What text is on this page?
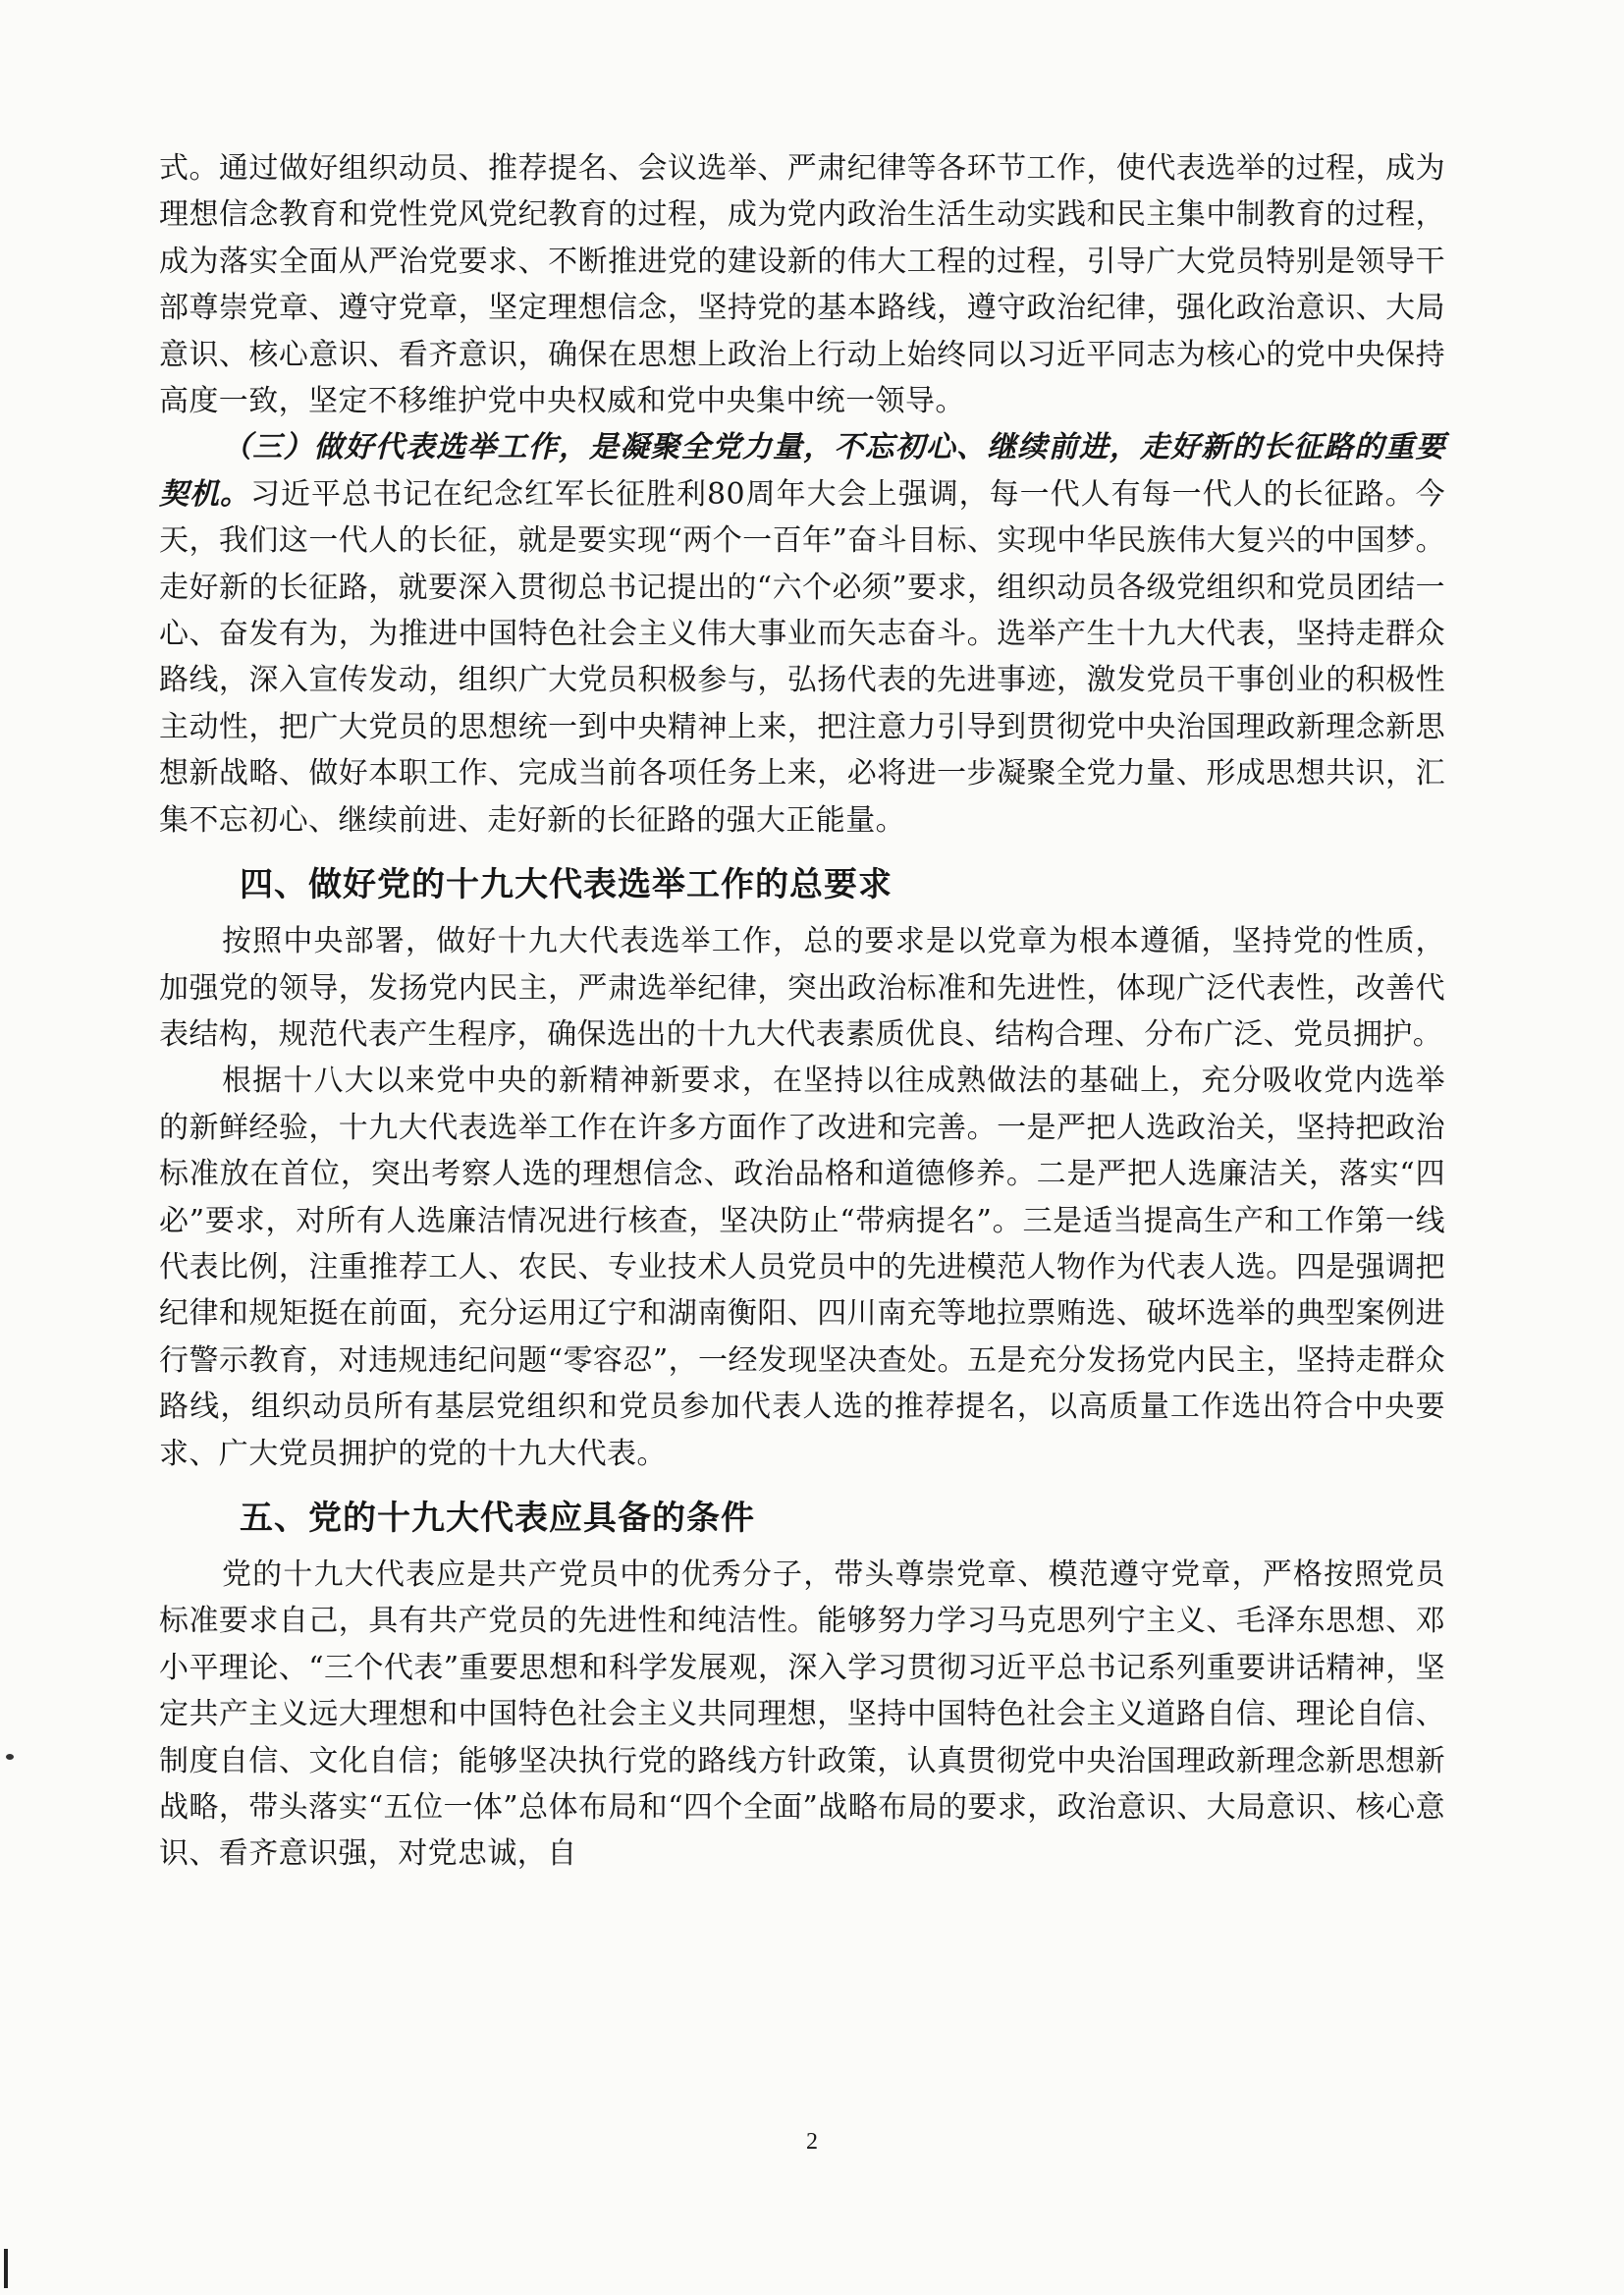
式。通过做好组织动员、推荐提名、会议选举、严肃纪律等各环节工作，使代表选举的过程，成为理想信念教育和党性党风党纪教育的过程，成为党内政治生活生动实践和民主集中制教育的过程，成为落实全面从严治党要求、不断推进党的建设新的伟大工程的过程，引导广大党员特别是领导干部尊崇党章、遵守党章，坚定理想信念，坚持党的基本路线，遵守政治纪律，强化政治意识、大局意识、核心意识、看齐意识，确保在思想上政治上行动上始终同以习近平同志为核心的党中央保持高度一致，坚定不移维护党中央权威和党中央集中统一领导。

（三）做好代表选举工作，是凝聚全党力量，不忘初心、继续前进，走好新的长征路的重要契机。习近平总书记在纪念红军长征胜利80周年大会上强调，每一代人有每一代人的长征路。今天，我们这一代人的长征，就是要实现“两个一百年”奋斗目标、实现中华民族伟大复兴的中国梦。走好新的长征路，就要深入贯彻总书记提出的“六个必须”要求，组织动员各级党组织和党员团结一心、奋发有为，为推进中国特色社会主义伟大事业而矢志奋斗。选举产生十九大代表，坚持走群众路线，深入宣传发动，组织广大党员积极参与，弘扬代表的先进事迹，激发党员干事创业的积极性主动性，把广大党员的思想统一到中央精神上来，把注意力引导到贯彻党中央治国理政新理念新思想新战略、做好本职工作、完成当前各项任务上来，必将进一步凝聚全党力量、形成思想共识，汇集不忘初心、继续前进、走好新的长征路的强大正能量。

四、做好党的十九大代表选举工作的总要求

按照中央部署，做好十九大代表选举工作，总的要求是以党章为根本遵循，坚持党的性质，加强党的领导，发扬党内民主，严肃选举纪律，突出政治标准和先进性，体现广泛代表性，改善代表结构，规范代表产生程序，确保选出的十九大代表素质优良、结构合理、分布广泛、党员拥护。

根据十八大以来党中央的新精神新要求，在坚持以往成熟做法的基础上，充分吸收党内选举的新鲜经验，十九大代表选举工作在许多方面作了改进和完善。一是严把人选政治关，坚持把政治标准放在首位，突出考察人选的理想信念、政治品格和道德修养。二是严把人选廉洁关，落实“四必”要求，对所有人选廉洁情况进行核查，坚决防止“带病提名”。三是适当提高生产和工作第一线代表比例，注重推荐工人、农民、专业技术人员党员中的先进模范人物作为代表人选。四是强调把纪律和规矩挺在前面，充分运用辽宁和湖南衡阳、四川南充等地拉票贿选、破坏选举的典型案例进行警示教育，对违规违纪问题“零容忍”，一经发现坚决查处。五是充分发扬党内民主，坚持走群众路线，组织动员所有基层党组织和党员参加代表人选的推荐提名，以高质量工作选出符合中央要求、广大党员拥护的党的十九大代表。

五、党的十九大代表应具备的条件

党的十九大代表应是共产党员中的优秀分子，带头尊崇党章、模范遵守党章，严格按照党员标准要求自己，具有共产党员的先进性和纯洁性。能够努力学习马克思列宁主义、毛泽东思想、邓小平理论、“三个代表”重要思想和科学发展观，深入学习贯彻习近平总书记系列重要讲话精神，坚定共产主义远大理想和中国特色社会主义共同理想，坚持中国特色社会主义道路自信、理论自信、制度自信、文化自信；能够坚决执行党的路线方针政策，认真贯彻党中央治国理政新理念新思想新战略，带头落实“五位一体”总体布局和“四个全面”战略布局的要求，政治意识、大局意识、核心意识、看齐意识强，对党忠诚，自

2
